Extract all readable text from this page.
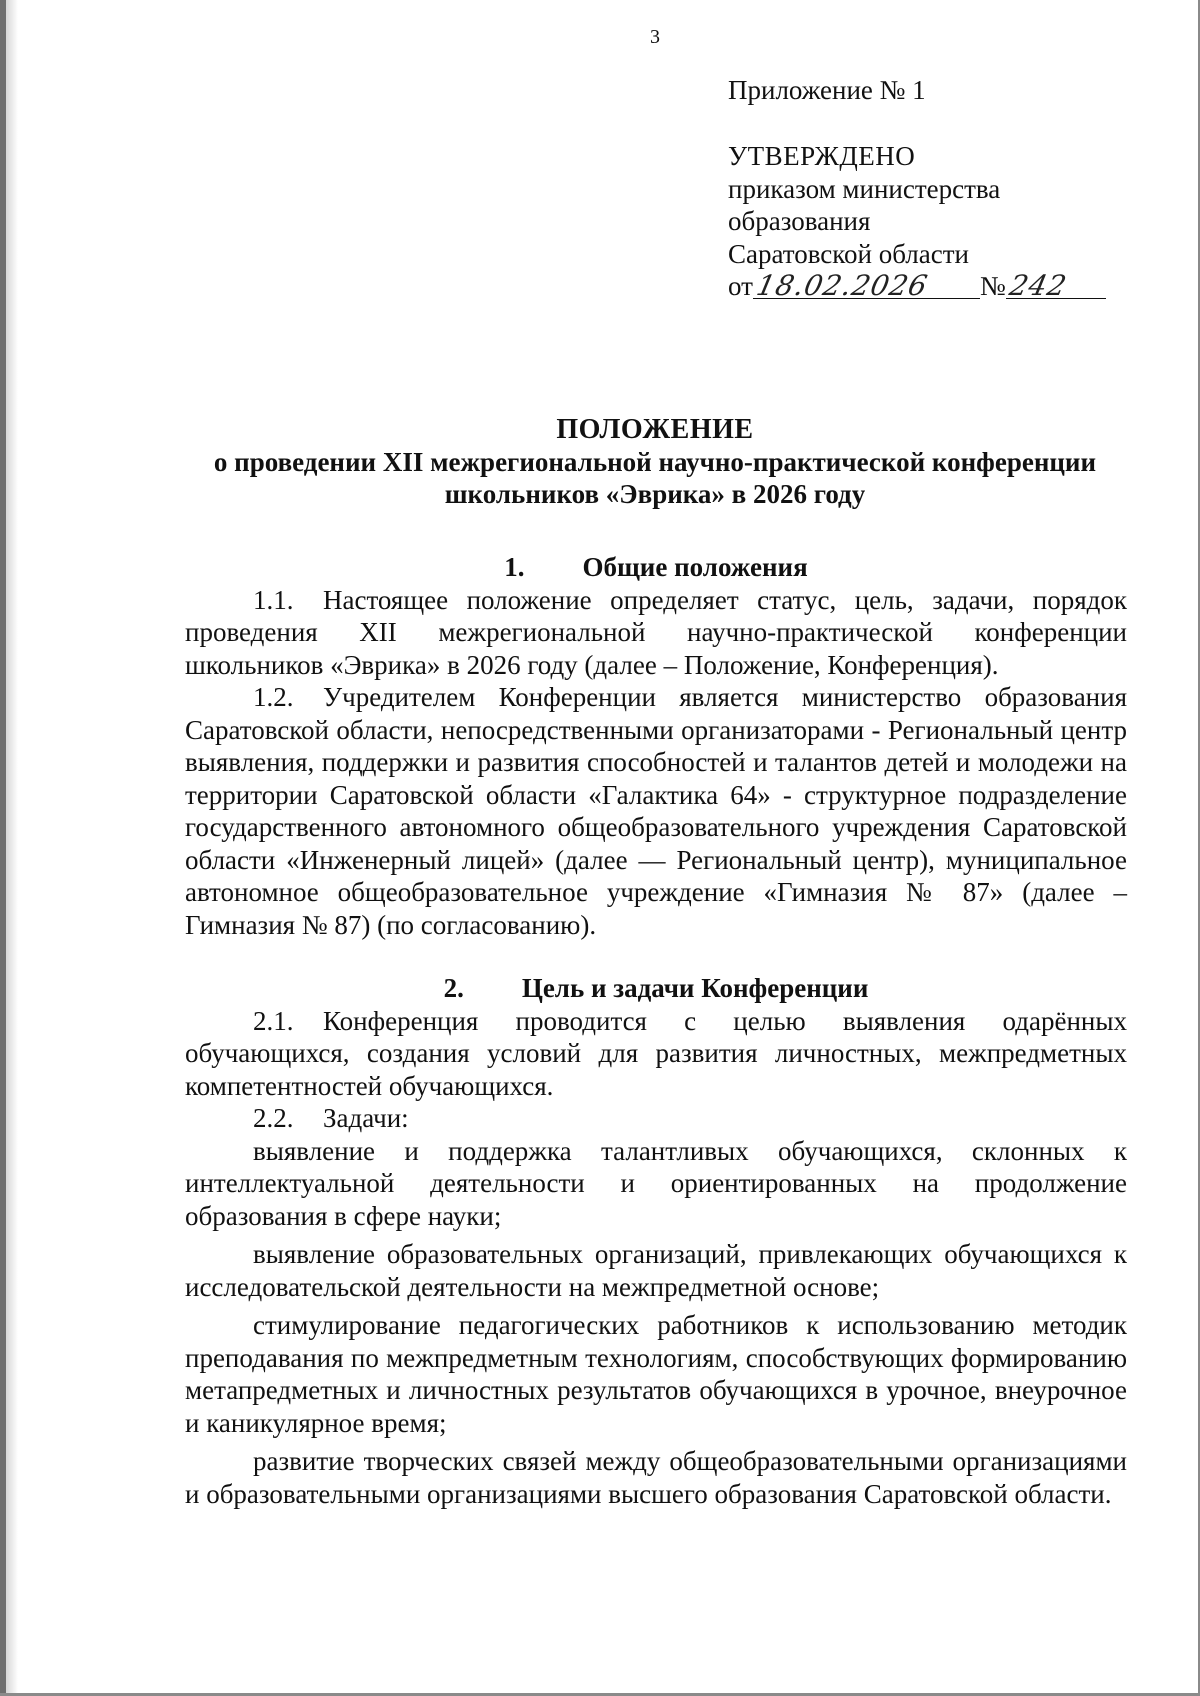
3
Приложение № 1
УТВЕРЖДЕНО
приказом министерства
образования
Саратовской области
от 18.02.2026 № 242
ПОЛОЖЕНИЕ
о проведении XII межрегиональной научно-практической конференции
школьников «Эврика» в 2026 году
1. Общие положения

1.1. Настоящее положение определяет статус, цель, задачи, порядок проведения XII межрегиональной научно-практической конференции школьников «Эврика» в 2026 году (далее – Положение, Конференция).

1.2. Учредителем Конференции является министерство образования Саратовской области, непосредственными организаторами - Региональный центр выявления, поддержки и развития способностей и талантов детей и молодежи на территории Саратовской области «Галактика 64» - структурное подразделение государственного автономного общеобразовательного учреждения Саратовской области «Инженерный лицей» (далее — Региональный центр), муниципальное автономное общеобразовательное учреждение «Гимназия № 87» (далее – Гимназия № 87) (по согласованию).

2. Цель и задачи Конференции

2.1. Конференция проводится с целью выявления одарённых обучающихся, создания условий для развития личностных, межпредметных компетентностей обучающихся.

2.2. Задачи:

выявление и поддержка талантливых обучающихся, склонных к интеллектуальной деятельности и ориентированных на продолжение образования в сфере науки;

выявление образовательных организаций, привлекающих обучающихся к исследовательской деятельности на межпредметной основе;

стимулирование педагогических работников к использованию методик преподавания по межпредметным технологиям, способствующих формированию метапредметных и личностных результатов обучающихся в урочное, внеурочное и каникулярное время;

развитие творческих связей между общеобразовательными организациями и образовательными организациями высшего образования Саратовской области.
